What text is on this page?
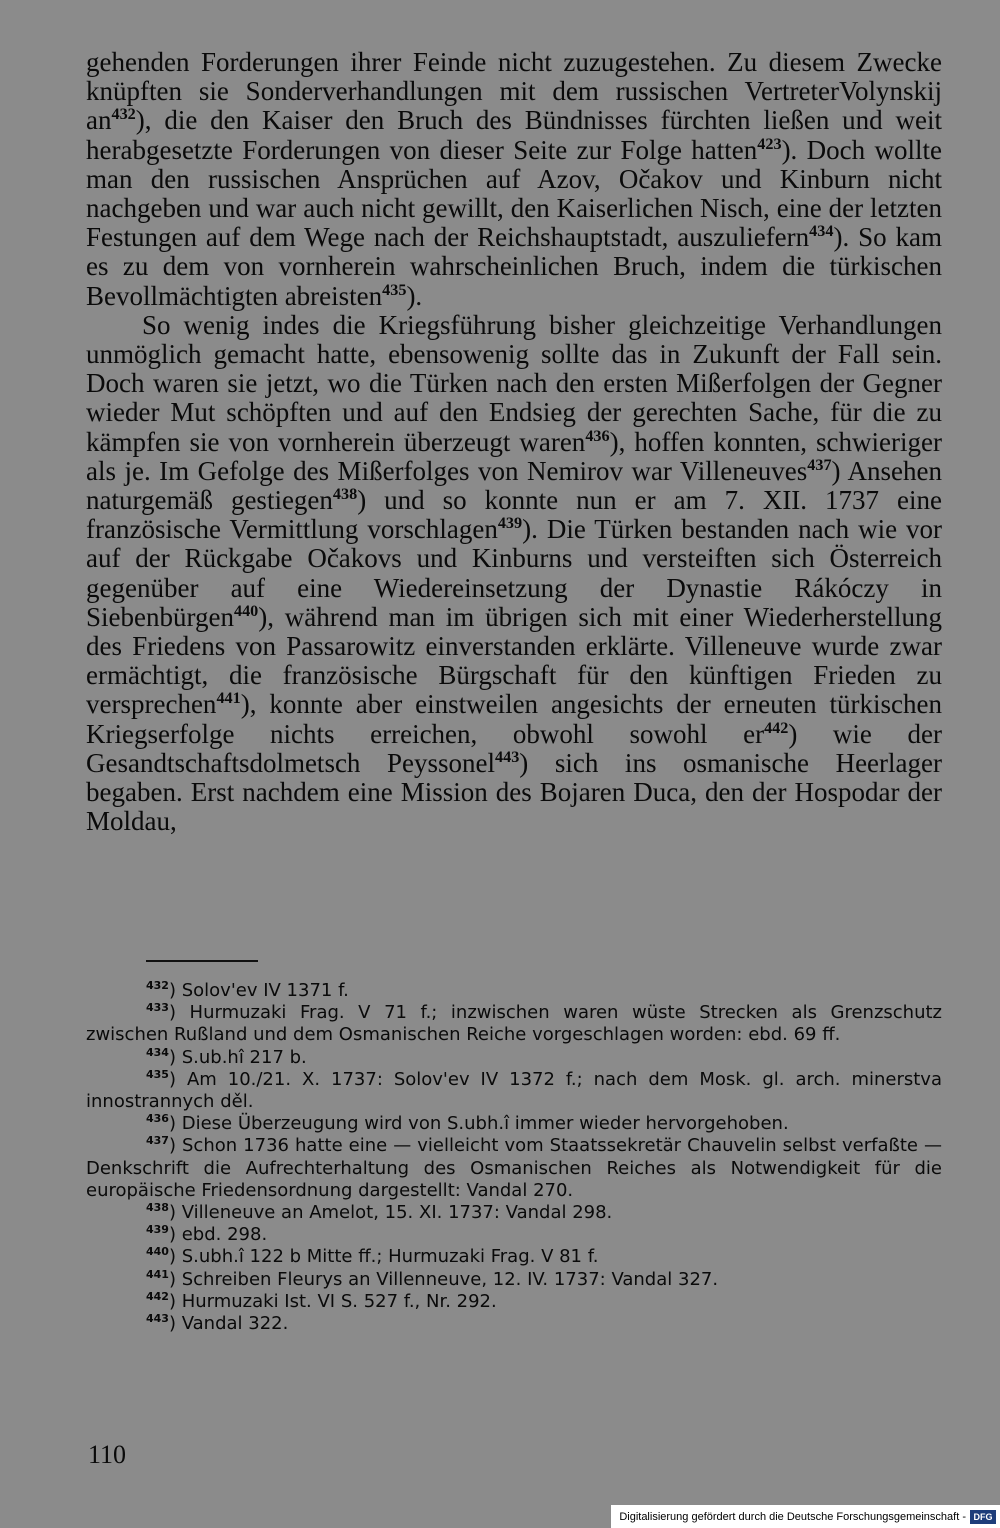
gehenden Forderungen ihrer Feinde nicht zuzugestehen. Zu diesem Zwecke knüpften sie Sonderverhandlungen mit dem russischen VertreterVolynskij $an^{432}$), die den Kaiser den Bruch des Bündnisses fürchten ließen und weit herabgesetzte Forderungen von dieser Seite zur Folge hatten$^{423}$). Doch wollte man den russischen Ansprüchen auf Azov, Očakov und Kinburn nicht nachgeben und war auch nicht gewillt, den Kaiserlichen Nisch, eine der letzten Festungen auf dem Wege nach der Reichshauptstadt, auszuliefern$^{434}$). So kam es zu dem von vornherein wahrscheinlichen Bruch, indem die türkischen Bevollmächtigten abreisten$^{435}$).

So wenig indes die Kriegsführung bisher gleichzeitige Verhandlungen unmöglich gemacht hatte, ebensowenig sollte das in Zukunft der Fall sein. Doch waren sie jetzt, wo die Türken nach den ersten Mißerfolgen der Gegner wieder Mut schöpften und auf den Endsieg der gerechten Sache, für die zu kämpfen sie von vornherein überzeugt waren$^{436}$), hoffen konnten, schwieriger als je. Im Gefolge des Mißerfolges von Nemirov war Villeneuves$^{437}$) Ansehen naturgemäß gestiegen$^{438}$) und so konnte nun er am 7. XII. 1737 eine französische Vermittlung vorschlagen$^{439}$). Die Türken bestanden nach wie vor auf der Rückgabe Očakovs und Kinburns und versteiften sich Österreich gegenüber auf eine Wiedereinsetzung der Dynastie Rákóczy in Siebenbürgen$^{440}$), während man im übrigen sich mit einer Wiederherstellung des Friedens von Passarowitz einverstanden erklärte. Villeneuve wurde zwar ermächtigt, die französische Bürgschaft für den künftigen Frieden zu versprechen$^{441}$), konnte aber einstweilen angesichts der erneuten türkischen Kriegserfolge nichts erreichen, obwohl sowohl $er^{442}$) wie der Gesandtschaftsdolmetsch Peyssonel$^{443}$) sich ins osmanische Heerlager begaben. Erst nachdem eine Mission des Bojaren Duca, den der Hospodar der Moldau,

$^{432}$) Solov'ev IV 1371 f.

$^{433}$) Hurmuzaki Frag. V 71 f.; inzwischen waren wüste Strecken als Grenzschutz zwischen Rußland und dem Osmanischen Reiche vorgeschlagen worden: ebd. 69 ff.

$^{434}$) S.ub.hî 217 b.

$^{435}$) Am 10./21. X. 1737: Solov'ev IV 1372 f.; nach dem Mosk. gl. arch. minerstva innostrannych děl.

$^{436}$) Diese Überzeugung wird von S.ubh.î immer wieder hervorgehoben.

$^{437}$) Schon 1736 hatte eine — vielleicht vom Staatssekretär Chauvelin selbst verfaßte — Denkschrift die Aufrechterhaltung des Osmanischen Reiches als Notwendigkeit für die europäische Friedensordnung dargestellt: Vandal 270.

$^{438}$) Villeneuve an Amelot, 15. XI. 1737: Vandal 298.

$^{439}$) ebd. 298.

$^{440}$) S.ubh.î 122 b Mitte ff.; Hurmuzaki Frag. V 81 f.

$^{441}$) Schreiben Fleurys an Villenneuve, 12. IV. 1737: Vandal 327.

$^{442}$) Hurmuzaki Ist. VI S. 527 f., Nr. 292.

$^{443}$) Vandal 322.

110
Digitalisierung gefördert durch die Deutsche Forschungsgemeinschaft - DFG
